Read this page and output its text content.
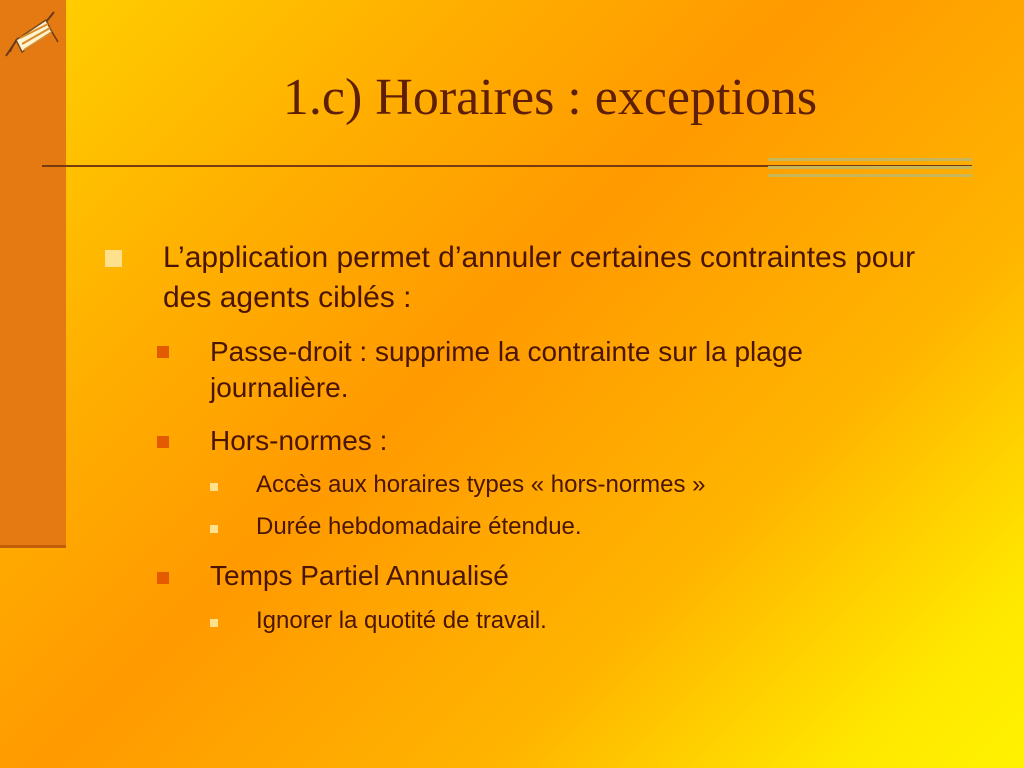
1.c) Horaires : exceptions
L’application permet d’annuler certaines contraintes pour des agents ciblés :
Passe-droit : supprime la contrainte sur la plage journalière.
Hors-normes :
Accès aux horaires types « hors-normes »
Durée hebdomadaire étendue.
Temps Partiel Annualisé
Ignorer la quotité de travail.
